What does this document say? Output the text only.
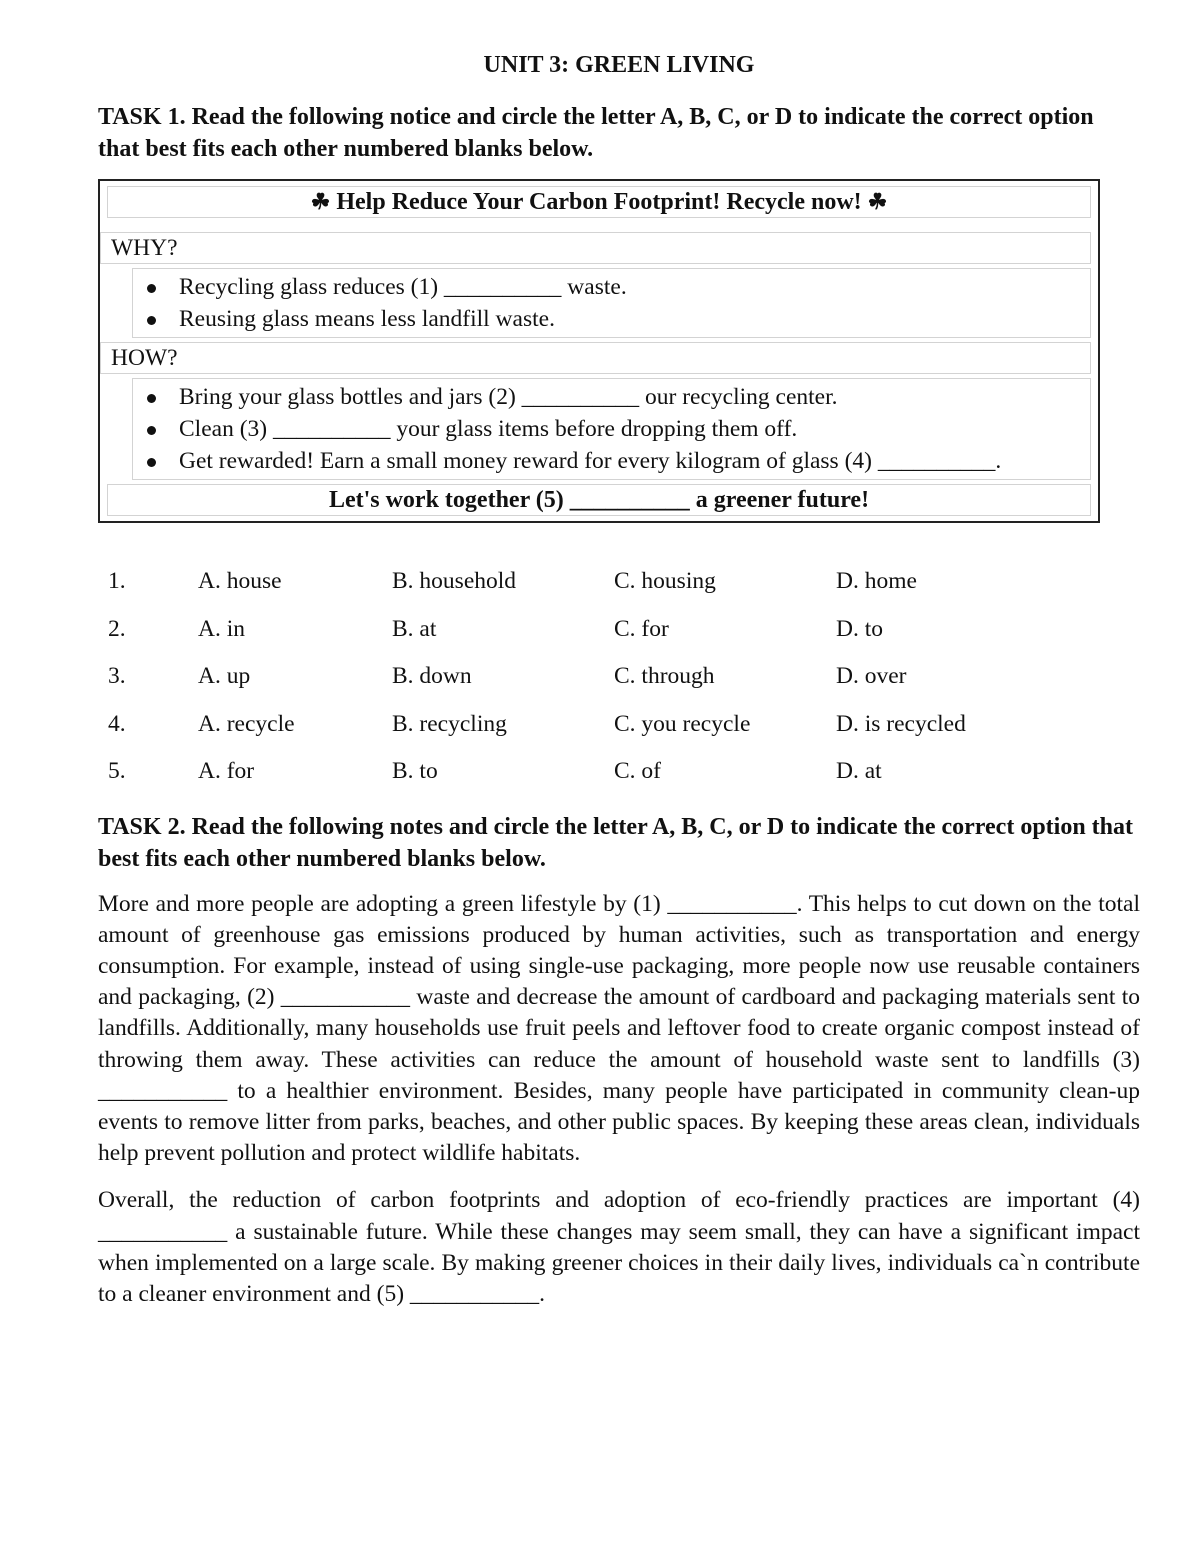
UNIT 3: GREEN LIVING

TASK 1. Read the following notice and circle the letter A, B, C, or D to indicate the correct option that best fits each other numbered blanks below.

☘ Help Reduce Your Carbon Footprint! Recycle now! ☘
WHY?
Recycling glass reduces (1) __________ waste.
Reusing glass means less landfill waste.
HOW?
Bring your glass bottles and jars (2) __________ our recycling center.
Clean (3) __________ your glass items before dropping them off.
Get rewarded! Earn a small money reward for every kilogram of glass (4) __________.
Let's work together (5) __________ a greener future!
1.	A. house	B. household	C. housing	D. home
2.	A. in	B. at	C. for	D. to
3.	A. up	B. down	C. through	D. over
4.	A. recycle	B. recycling	C. you recycle	D. is recycled
5.	A. for	B. to	C. of	D. at

TASK 2. Read the following notes and circle the letter A, B, C, or D to indicate the correct option that best fits each other numbered blanks below.

More and more people are adopting a green lifestyle by (1) ___________. This helps to cut down on the total amount of greenhouse gas emissions produced by human activities, such as transportation and energy consumption. For example, instead of using single-use packaging, more people now use reusable containers and packaging, (2) ___________ waste and decrease the amount of cardboard and packaging materials sent to landfills. Additionally, many households use fruit peels and leftover food to create organic compost instead of throwing them away. These activities can reduce the amount of household waste sent to landfills (3) ___________ to a healthier environment. Besides, many people have participated in community clean-up events to remove litter from parks, beaches, and other public spaces. By keeping these areas clean, individuals help prevent pollution and protect wildlife habitats.

Overall, the reduction of carbon footprints and adoption of eco-friendly practices are important (4) ___________ a sustainable future. While these changes may seem small, they can have a significant impact when implemented on a large scale. By making greener choices in their daily lives, individuals ca`n contribute to a cleaner environment and (5) ___________.
